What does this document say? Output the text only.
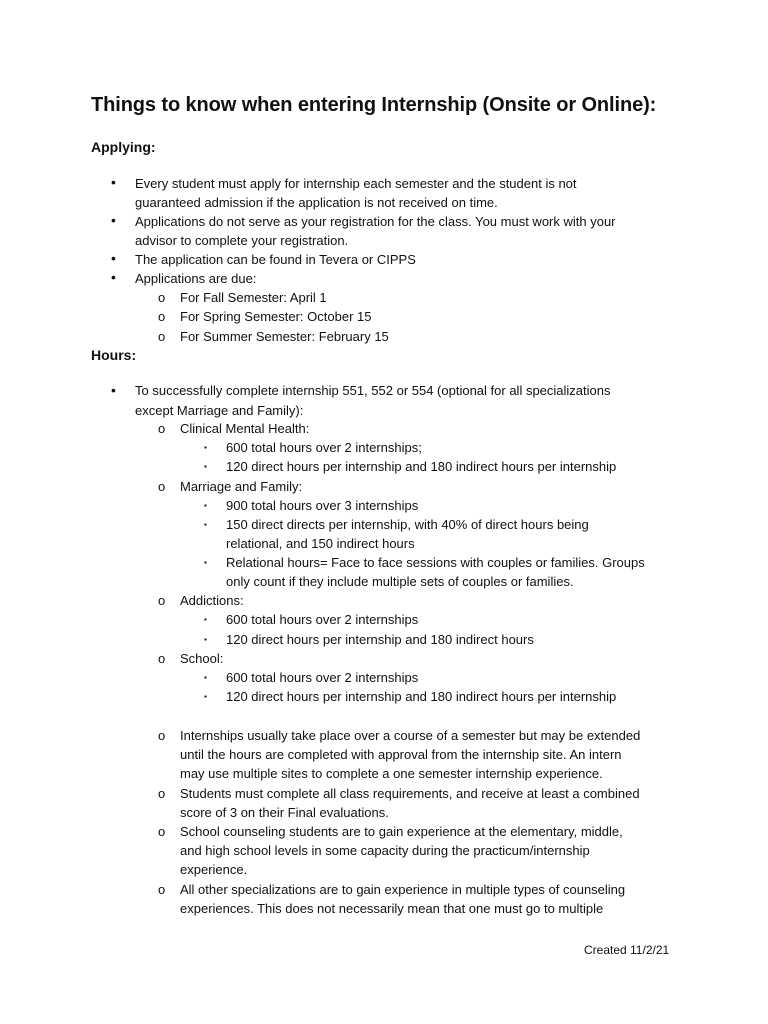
Things to know when entering Internship (Onsite or Online):
Applying:
• Every student must apply for internship each semester and the student is not

guaranteed admission if the application is not received on time.

• Applications do not serve as your registration for the class. You must work with your

advisor to complete your registration.

• The application can be found in Tevera or CIPPS

• Applications are due:

o For Fall Semester: April 1

o For Spring Semester: October 15

o For Summer Semester: February 15

Hours:
• To successfully complete internship 551, 552 or 554 (optional for all specializations

except Marriage and Family):

o Clinical Mental Health:

▪ 600 total hours over 2 internships;

▪ 120 direct hours per internship and 180 indirect hours per internship

o Marriage and Family:

▪ 900 total hours over 3 internships

▪ 150 direct directs per internship, with 40% of direct hours being

relational, and 150 indirect hours

▪ Relational hours= Face to face sessions with couples or families. Groups

only count if they include multiple sets of couples or families.

o Addictions:

▪ 600 total hours over 2 internships

▪ 120 direct hours per internship and 180 indirect hours

o School:

▪ 600 total hours over 2 internships

▪ 120 direct hours per internship and 180 indirect hours per internship

o Internships usually take place over a course of a semester but may be extended

until the hours are completed with approval from the internship site. An intern

may use multiple sites to complete a one semester internship experience.

o Students must complete all class requirements, and receive at least a combined

score of 3 on their Final evaluations.

o School counseling students are to gain experience at the elementary, middle,

and high school levels in some capacity during the practicum/internship

experience.

o All other specializations are to gain experience in multiple types of counseling

experiences. This does not necessarily mean that one must go to multiple

Created 11/2/21
